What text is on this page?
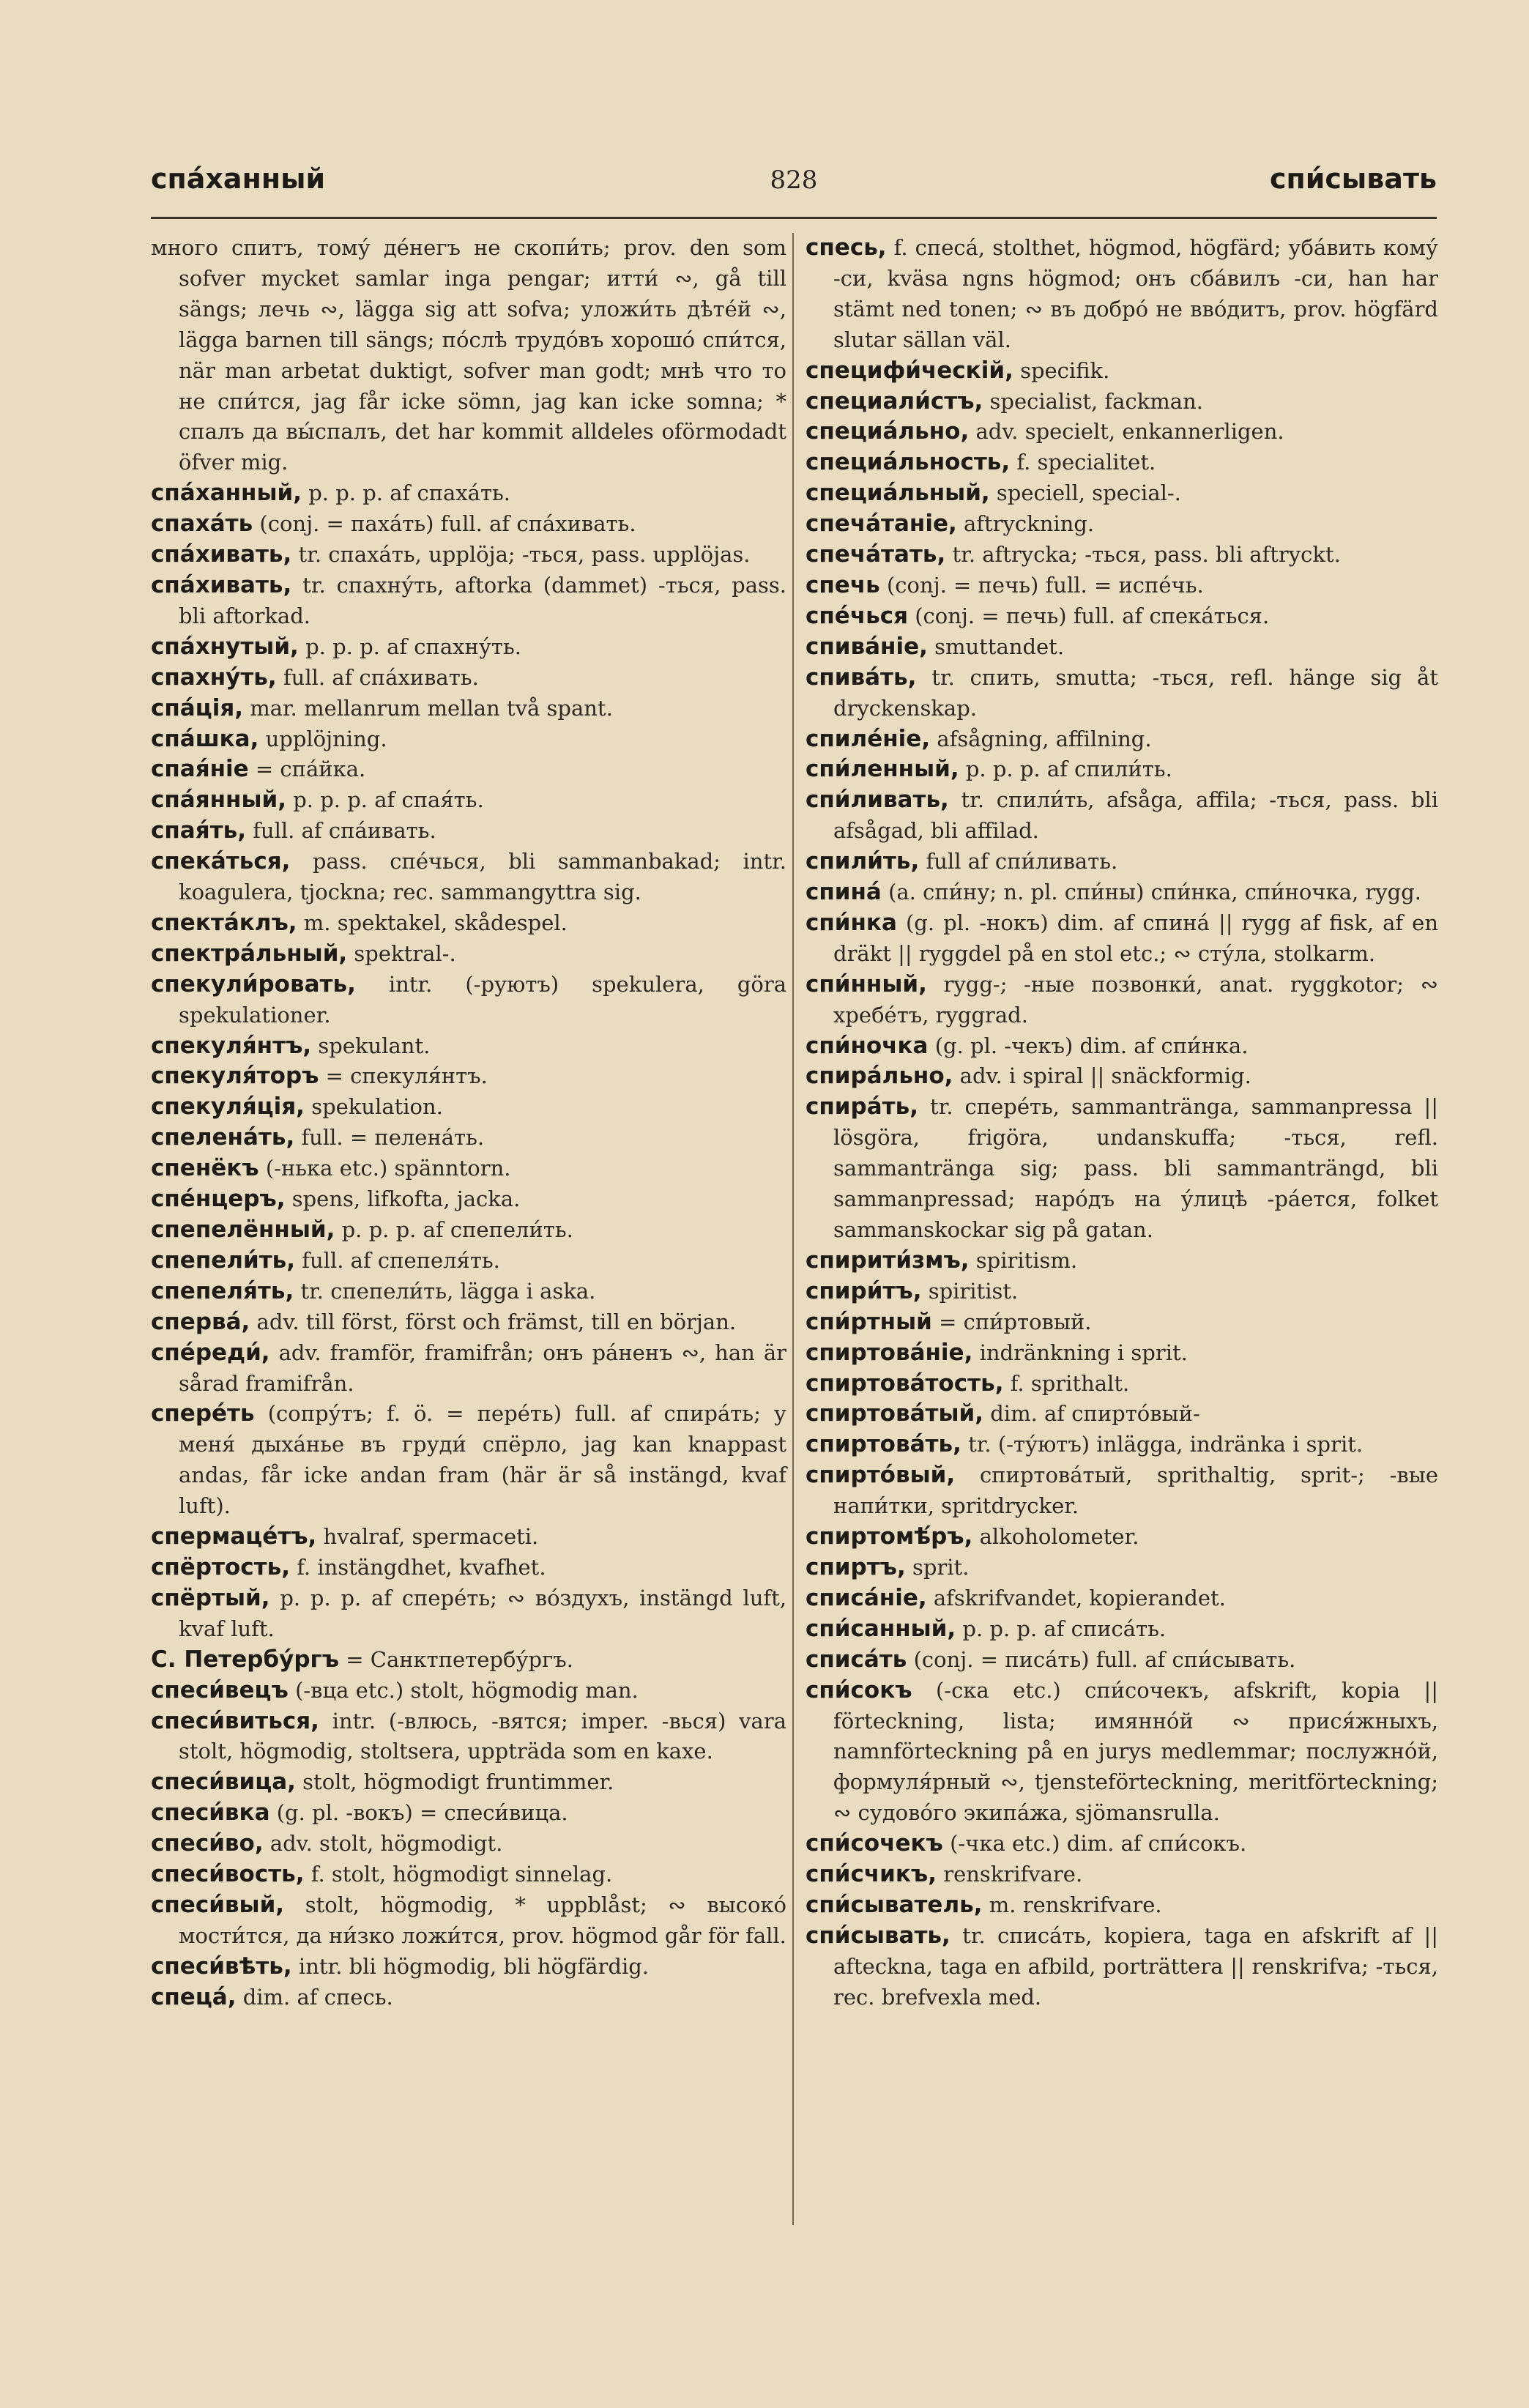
спа́ханный	828	спи́сывать
много спитъ, тому́ де́негъ не скопи́ть; prov. den som sofver mycket samlar inga pengar; итти́ ∾, gå till sängs; лечь ∾, lägga sig att sofva; уложи́ть дѣте́й ∾, lägga barnen till sängs; по́слѣ трудо́въ хорошо́ спи́тся, när man arbetat duktigt, sofver man godt; мнѣ что то не спи́тся, jag får icke sömn, jag kan icke somna; * спалъ да вы́спалъ, det har kommit alldeles oförmodadt öfver mig.
спа́ханный, p. p. p. af спаха́ть.
спаха́ть (conj. = паха́ть) full. af спа́хивать.
спа́хивать, tr. спаха́ть, upplöja; -ться, pass. upplöjas.
спа́хивать, tr. спахну́ть, aftorka (dammet) -ться, pass. bli aftorkad.
спа́хнутый, p. p. p. af спахну́ть.
спахну́ть, full. af спа́хивать.
спа́ція, mar. mellanrum mellan två spant.
спа́шка, upplöjning.
спая́ніе = спа́йка.
спа́янный, p. p. p. af спая́ть.
спая́ть, full. af спа́ивать.
спека́ться, pass. спе́чься, bli sammanbakad; intr. koagulera, tjockna; rec. sammangyttra sig.
спекта́клъ, m. spektakel, skådespel.
спектра́льный, spektral-.
спекули́ровать, intr. (-руютъ) spekulera, göra spekulationer.
спекуля́нтъ, spekulant.
спекуля́торъ = спекуля́нтъ.
спекуля́ція, spekulation.
спелена́ть, full. = пелена́ть.
спенёкъ (-нька etc.) spänntorn.
спе́нцеръ, spens, lifkofta, jacka.
спепелённый, p. p. p. af спепели́ть.
спепели́ть, full. af спепеля́ть.
спепеля́ть, tr. спепели́ть, lägga i aska.
сперва́, adv. till först, först och främst, till en början.
спе́реди́, adv. framför, framifrån; онъ ра́ненъ ∾, han är sårad framifrån.
спере́ть (сопру́тъ; f. ö. = пере́ть) full. af спира́ть; у меня́ дыха́нье въ груди́ спёрло, jag kan knappast andas, får icke andan fram (här är så instängd, kvaf luft).
спермаце́тъ, hvalraf, spermaceti.
спёртость, f. instängdhet, kvafhet.
спёртый, p. p. p. af спере́ть; ∾ во́здухъ, instängd luft, kvaf luft.
С. Петербу́ргъ = Санктпетербу́ргъ.
спеси́вецъ (-вца etc.) stolt, högmodig man.
спеси́виться, intr. (-влюсь, -вятся; imper. -вься) vara stolt, högmodig, stoltsera, uppträda som en kaxe.
спеси́вица, stolt, högmodigt fruntimmer.
спеси́вка (g. pl. -вокъ) = спеси́вица.
спеси́во, adv. stolt, högmodigt.
спеси́вость, f. stolt, högmodigt sinnelag.
спеси́вый, stolt, högmodig, * uppblåst; ∾ высоко́ мости́тся, да ни́зко ложи́тся, prov. högmod går för fall.
спеси́вѣть, intr. bli högmodig, bli högfärdig.
спеца́, dim. af спесь.
спесь, f. спеса́, stolthet, högmod, högfärd; уба́вить кому́ -си, kväsa ngns högmod; онъ сба́вилъ -си, han har stämt ned tonen; ∾ въ добро́ не вво́дитъ, prov. högfärd slutar sällan väl.
специфи́ческій, specifik.
специали́стъ, specialist, fackman.
специа́льно, adv. specielt, enkannerligen.
специа́льность, f. specialitet.
специа́льный, speciell, special-.
спеча́таніе, aftryckning.
спеча́тать, tr. aftrycka; -ться, pass. bli aftryckt.
спечь (conj. = печь) full. = испе́чь.
спе́чься (conj. = печь) full. af спека́ться.
спива́ніе, smuttandet.
спива́ть, tr. спить, smutta; -ться, refl. hänge sig åt dryckenskap.
спиле́ніе, afsågning, affilning.
спи́ленный, p. p. p. af спили́ть.
спи́ливать, tr. спили́ть, afsåga, affila; -ться, pass. bli afsågad, bli affilad.
спили́ть, full af спи́ливать.
спина́ (a. спи́ну; n. pl. спи́ны) спи́нка, спи́ночка, rygg.
спи́нка (g. pl. -нокъ) dim. af спина́ || rygg af fisk, af en dräkt || ryggdel på en stol etc.; ∾ сту́ла, stolkarm.
спи́нный, rygg-; -ные позвонки́, anat. ryggkotor; ∾ хребе́тъ, ryggrad.
спи́ночка (g. pl. -чекъ) dim. af спи́нка.
спира́льно, adv. i spiral || snäckformig.
спира́ть, tr. спере́ть, sammanträngа, sammanpressa || lösgöra, frigöra, undanskuffa; -ться, refl. sammanträngа sig; pass. bli sammanträngd, bli sammanpressad; наро́дъ на у́лицѣ -ра́ется, folket sammanskockar sig på gatan.
спирити́змъ, spiritism.
спири́тъ, spiritist.
спи́ртный = спи́ртовый.
спиртова́ніе, indränkning i sprit.
спиртова́тость, f. sprithalt.
спиртова́тый, dim. af спирто́вый-
спиртова́ть, tr. (-ту́ютъ) inlägga, indränka i sprit.
спирто́вый, спиртова́тый, sprithaltig, sprit-; -вые напи́тки, spritdrycker.
спиртомѣ́ръ, alkoholometer.
спиртъ, sprit.
списа́ніе, afskrifvandet, kopierandet.
спи́санный, p. p. p. af списа́ть.
списа́ть (conj. = писа́ть) full. af спи́сывать.
спи́сокъ (-ска etc.) спи́сочекъ, afskrift, kopia || förteckning, lista; имянно́й ∾ прися́жныхъ, namnförteckning på en jurys medlemmar; послужно́й, формуля́рный ∾, tjensteförteckning, meritförteckning; ∾ судово́го экипа́жа, sjömansrulla.
спи́сочекъ (-чка etc.) dim. af спи́сокъ.
спи́счикъ, renskrifvare.
спи́сыватель, m. renskrifvare.
спи́сывать, tr. списа́ть, kopiera, taga en afskrift af || afteckna, taga en afbild, porträttera || renskrifva; -ться, rec. brefvexla med.
